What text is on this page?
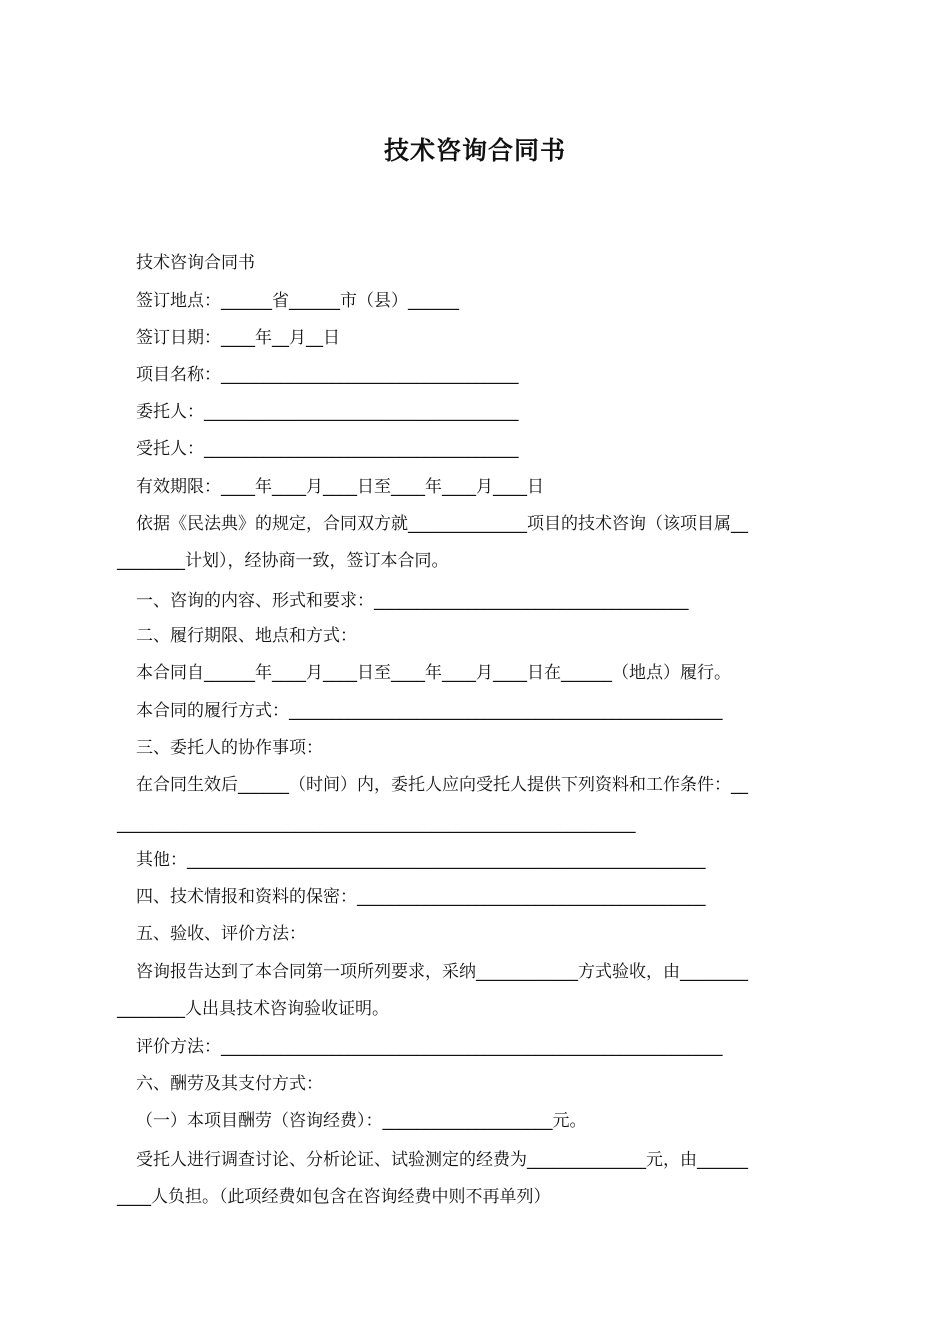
技术咨询合同书
技术咨询合同书
签订地点：______省______市（县）______
签订日期：____年__月__日
项目名称：___________________________________
委托人：_____________________________________
受托人：_____________________________________
有效期限：____年____月____日至____年____月____日
依据《民法典》的规定，合同双方就______________项目的技术咨询（该项目属__
________计划），经协商一致，签订本合同。
一、咨询的内容、形式和要求：_____________________________________
二、履行期限、地点和方式：
本合同自______年____月____日至____年____月____日在______（地点）履行。
本合同的履行方式：___________________________________________________
三、委托人的协作事项：
在合同生效后______（时间）内，委托人应向受托人提供下列资料和工作条件：__
_____________________________________________________________
其他：_____________________________________________________________
四、技术情报和资料的保密：_________________________________________
五、验收、评价方法：
咨询报告达到了本合同第一项所列要求，采纳____________方式验收，由________
________人出具技术咨询验收证明。
评价方法：___________________________________________________________
六、酬劳及其支付方式：
（一）本项目酬劳（咨询经费）：____________________元。
受托人进行调查讨论、分析论证、试验测定的经费为______________元，由______
____人负担。（此项经费如包含在咨询经费中则不再单列）
